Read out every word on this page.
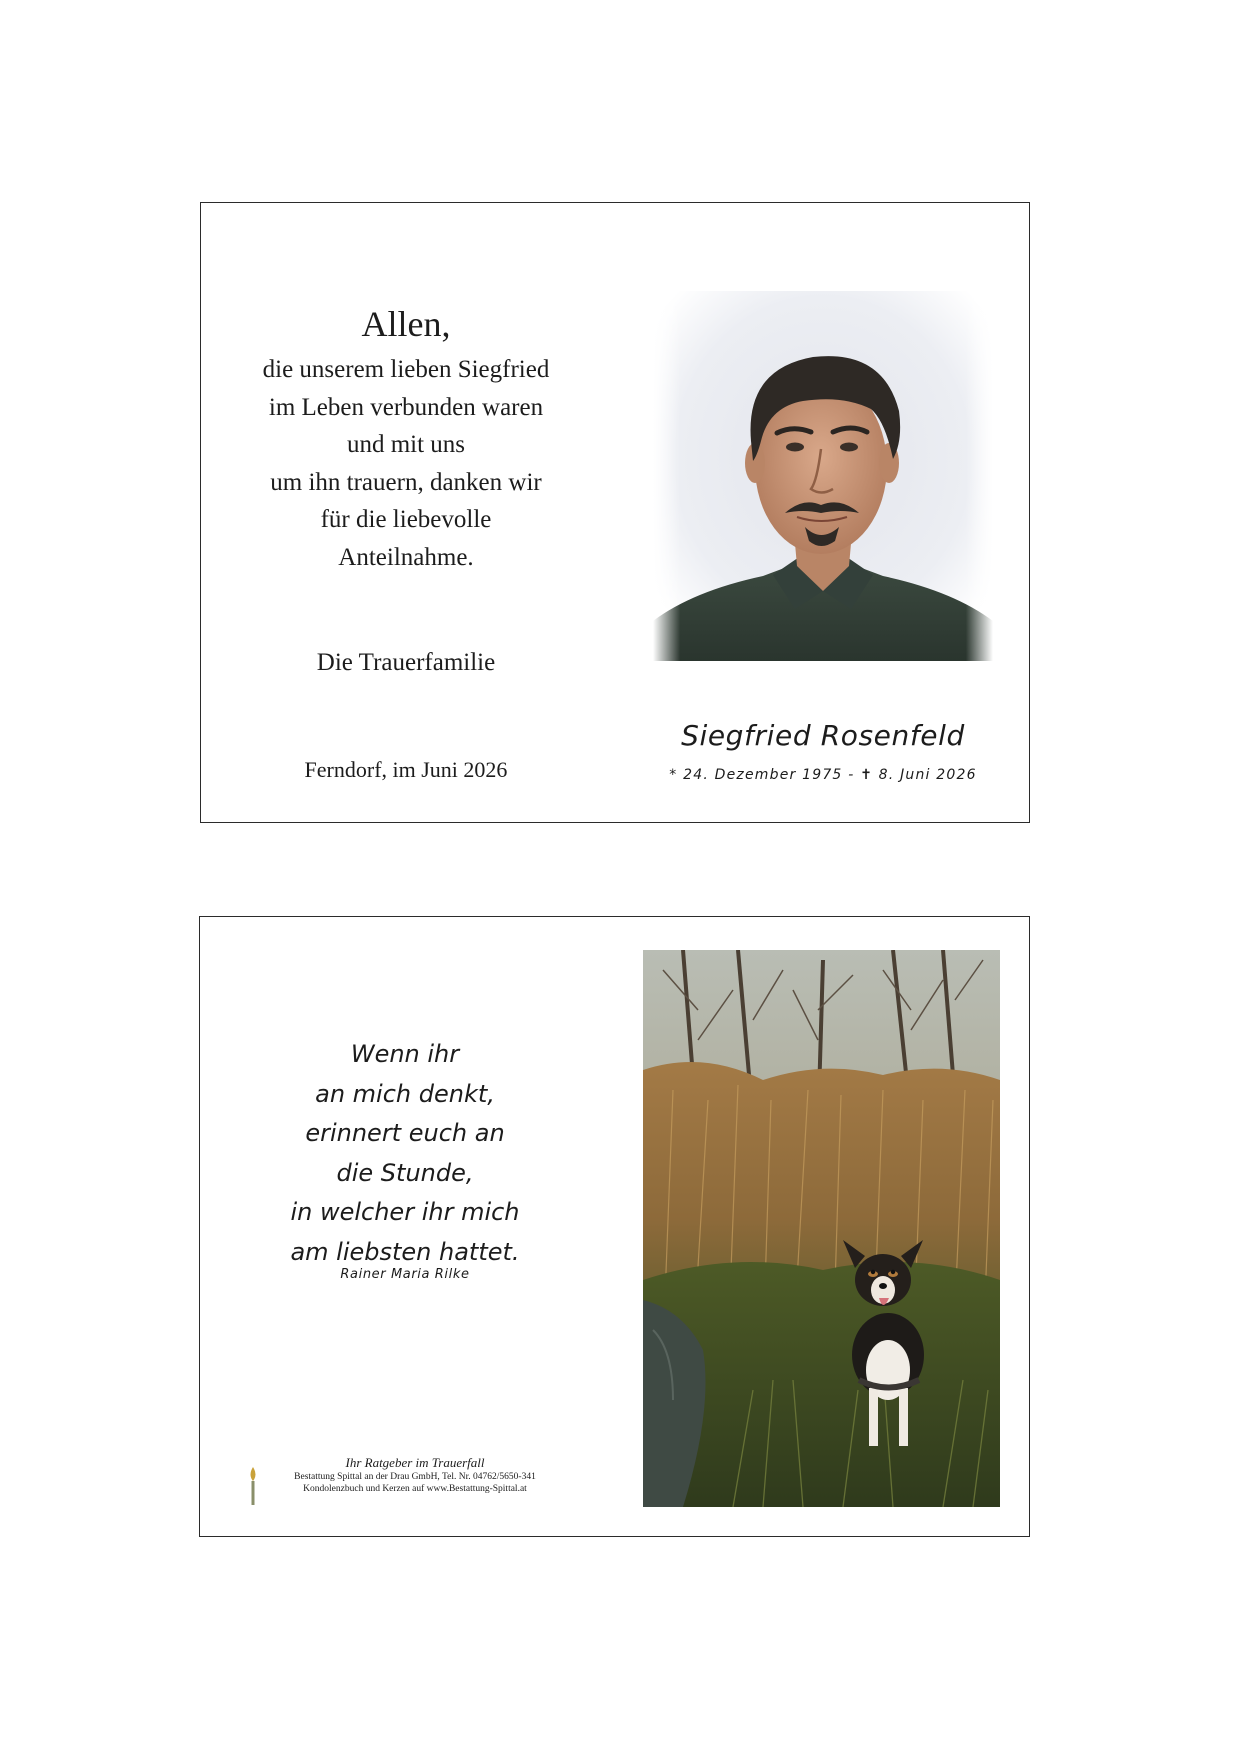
Allen,
die unserem lieben Siegfried
im Leben verbunden waren
und mit uns
um ihn trauern, danken wir
für die liebevolle
Anteilnahme.
Die Trauerfamilie
Ferndorf, im Juni 2026
Siegfried Rosenfeld
* 24. Dezember 1975 - ✝ 8. Juni 2026
Wenn ihr
an mich denkt,
erinnert euch an
die Stunde,
in welcher ihr mich
am liebsten hattet.
Rainer Maria Rilke
Ihr Ratgeber im Trauerfall
Bestattung Spittal an der Drau GmbH, Tel. Nr. 04762/5650-341
Kondolenzbuch und Kerzen auf www.Bestattung-Spittal.at
